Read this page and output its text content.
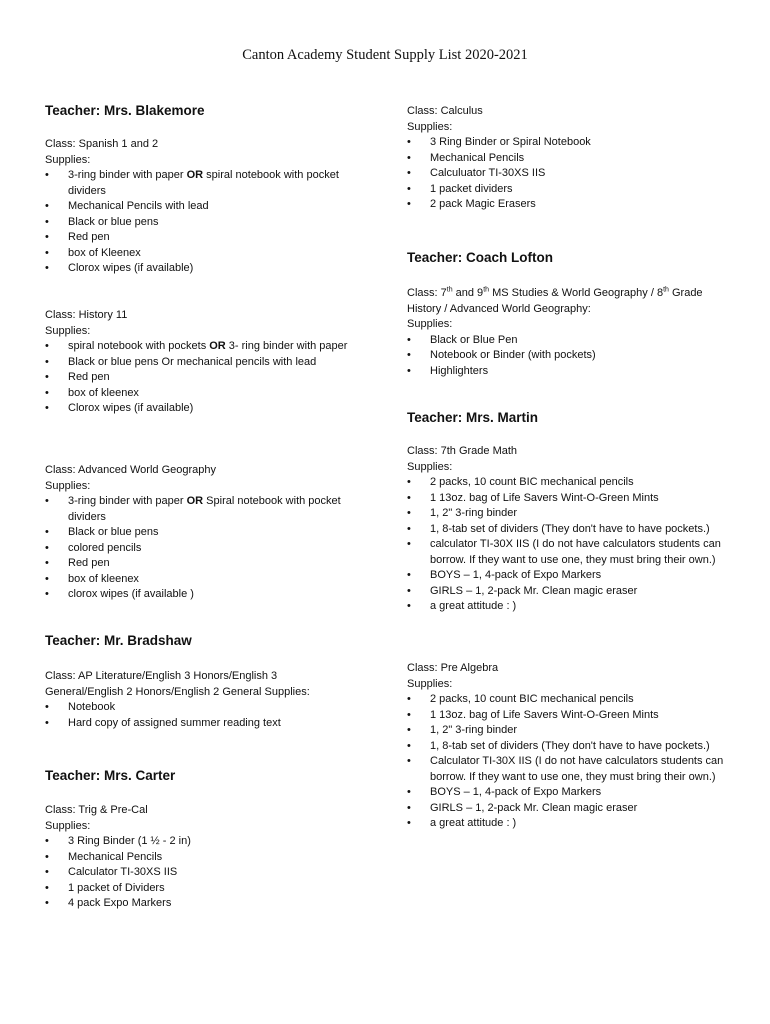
Canton Academy Student Supply List 2020-2021
Teacher: Mrs. Blakemore
Class: Spanish 1 and 2
Supplies:
• 3-ring binder with paper OR spiral notebook with pocket dividers
• Mechanical Pencils with lead
• Black or blue pens
• Red pen
• box of Kleenex
• Clorox wipes (if available)
Class: History 11
Supplies:
• spiral notebook with pockets OR 3- ring binder with paper
• Black or blue pens Or mechanical pencils with lead
• Red pen
• box of kleenex
• Clorox wipes (if available)
Class: Advanced World Geography
Supplies:
• 3-ring binder with paper OR Spiral notebook with pocket dividers
• Black or blue pens
• colored pencils
• Red pen
• box of kleenex
• clorox wipes (if available )
Teacher: Mr. Bradshaw
Class: AP Literature/English 3 Honors/English 3
General/English 2 Honors/English 2 General Supplies:
• Notebook
• Hard copy of assigned summer reading text
Teacher: Mrs. Carter
Class: Trig & Pre-Cal
Supplies:
• 3 Ring Binder (1 ½ - 2 in)
• Mechanical Pencils
• Calculator TI-30XS IIS
• 1 packet of Dividers
• 4 pack Expo Markers
Class: Calculus
Supplies:
• 3 Ring Binder or Spiral Notebook
• Mechanical Pencils
• Calculuator TI-30XS IIS
• 1 packet dividers
• 2 pack Magic Erasers
Teacher: Coach Lofton
Class: 7th and 9th MS Studies & World Geography / 8th Grade
History / Advanced World Geography:
Supplies:
• Black or Blue Pen
• Notebook or Binder (with pockets)
• Highlighters
Teacher: Mrs. Martin
Class: 7th Grade Math
Supplies:
• 2 packs, 10 count BIC mechanical pencils
• 1 13oz. bag of Life Savers Wint-O-Green Mints
• 1, 2" 3-ring binder
• 1, 8-tab set of dividers (They don't have to have pockets.)
• calculator TI-30X IIS (I do not have calculators students can borrow. If they want to use one, they must bring their own.)
• BOYS – 1, 4-pack of Expo Markers
• GIRLS – 1, 2-pack Mr. Clean magic eraser
• a great attitude : )
Class: Pre Algebra
Supplies:
• 2 packs, 10 count BIC mechanical pencils
• 1 13oz. bag of Life Savers Wint-O-Green Mints
• 1, 2" 3-ring binder
• 1, 8-tab set of dividers (They don't have to have pockets.)
• Calculator TI-30X IIS (I do not have calculators students can borrow. If they want to use one, they must bring their own.)
• BOYS – 1, 4-pack of Expo Markers
• GIRLS – 1, 2-pack Mr. Clean magic eraser
• a great attitude : )
